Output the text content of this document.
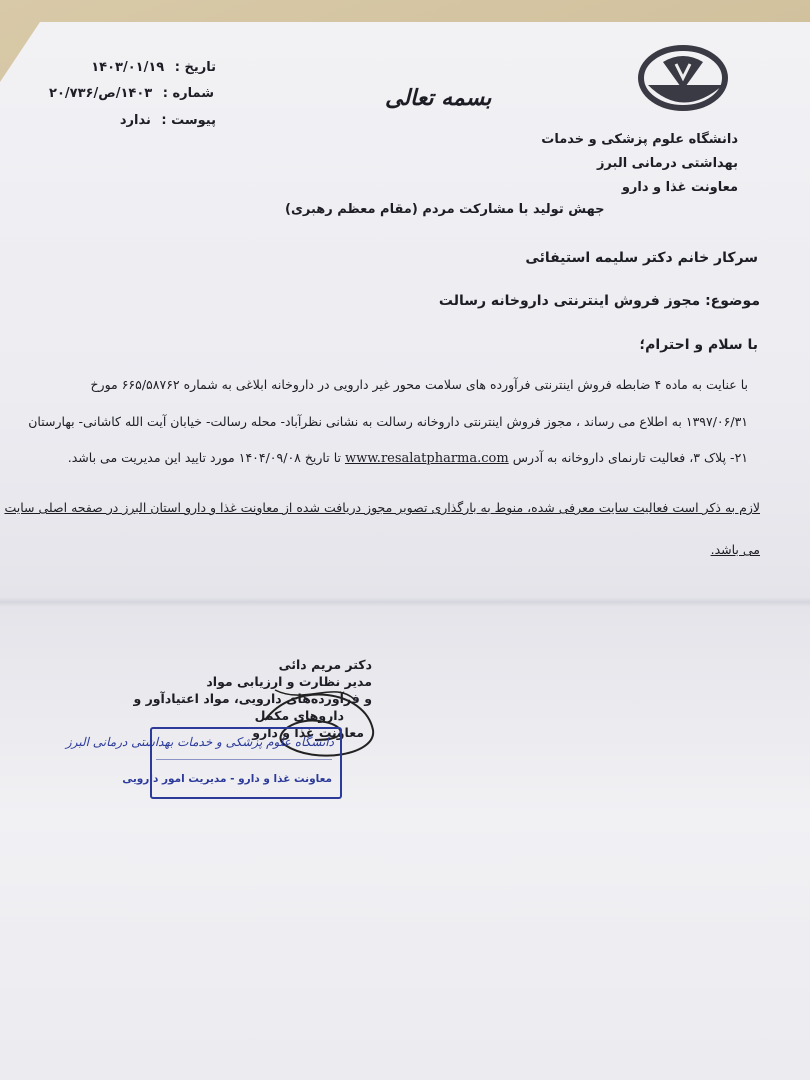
دانشگاه علوم پزشکی و خدمات
بهداشتی درمانی البرز
معاونت غذا و دارو
بسمه تعالی
تاریخ : ۱۴۰۳/۰۱/۱۹
شماره : ۱۴۰۳/ص/۲۰/۷۳۶
پیوست : ندارد
جهش تولید با مشارکت مردم (مقام معظم رهبری)
سرکار خانم دکتر سلیمه استیفائی
موضوع: مجوز فروش اینترنتی داروخانه رسالت
با سلام و احترام؛
با عنایت به ماده ۴ ضابطه فروش اینترنتی فرآورده های سلامت محور غیر دارویی در داروخانه ابلاغی به شماره ۶۶۵/۵۸۷۶۲ مورخ
۱۳۹۷/۰۶/۳۱ به اطلاع می رساند ، مجوز فروش اینترنتی داروخانه رسالت به نشانی نظرآباد- محله رسالت- خیابان آیت الله کاشانی- بهارستان
۲۱- پلاک ۳، فعالیت تارنمای داروخانه به آدرس www.resalatpharma.com تا تاریخ ۱۴۰۴/۰۹/۰۸ مورد تایید این مدیریت می باشد.
لازم به ذکر است فعالیت سایت معرفی شده، منوط به بارگذاری تصویر مجوز دریافت شده از معاونت غذا و دارو استان البرز در صفحه اصلی سایت
می باشد.
دکتر مریم دائی
مدیر نظارت و ارزیابی مواد
و فرآورده‌های دارویی، مواد اعتیادآور و
داروهای مکمل
معاونت غذا و دارو
دانشگاه علوم پزشکی و خدمات بهداشتی درمانی البرز
معاونت غذا و دارو - مدیریت امور دارویی
